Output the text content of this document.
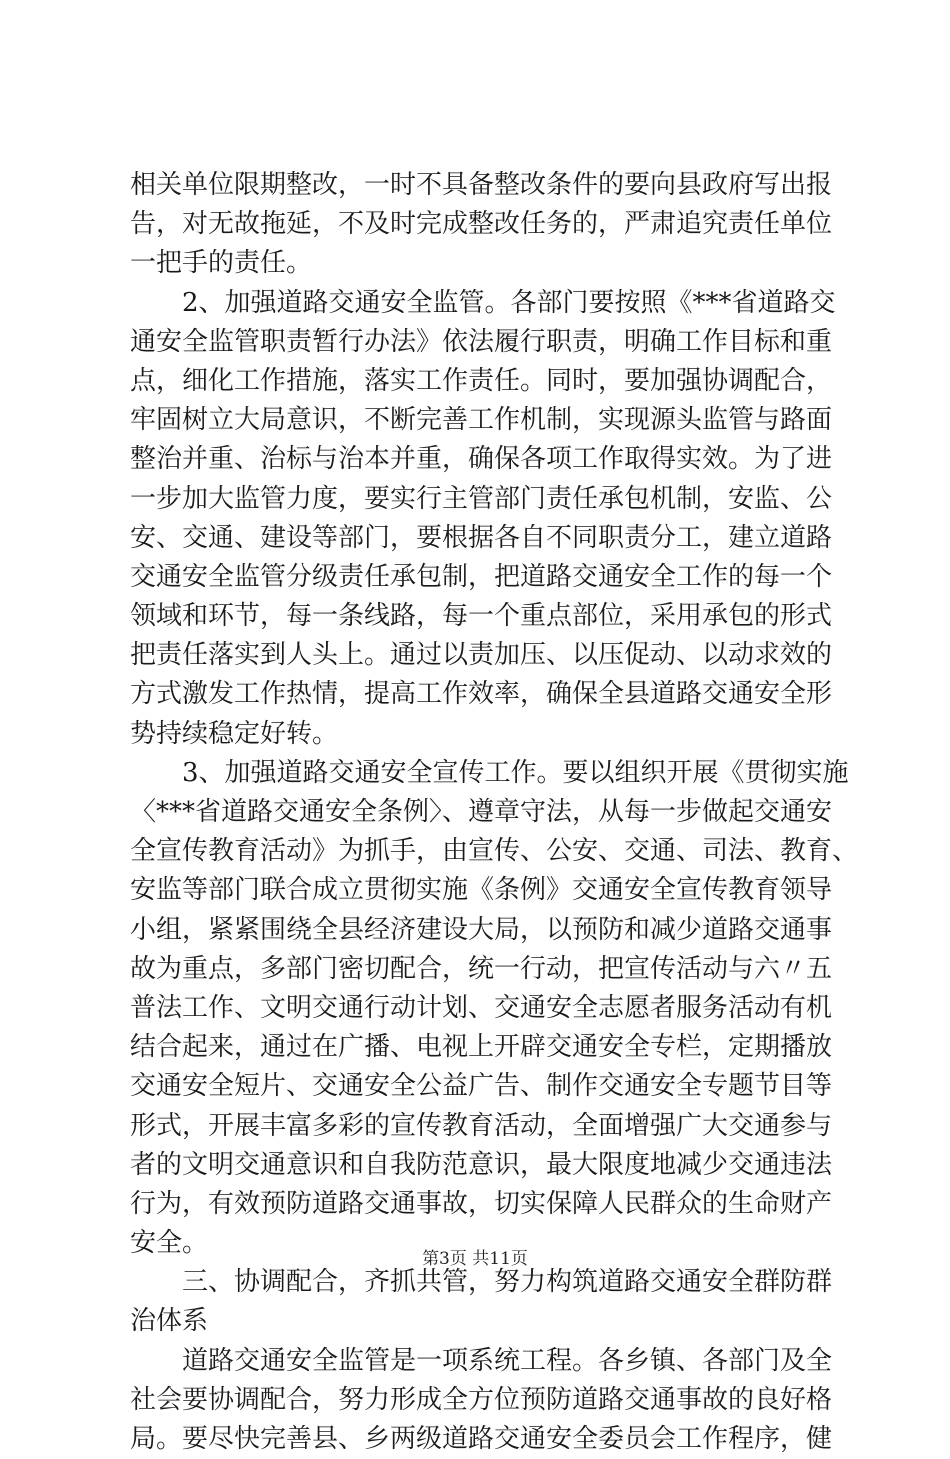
相关单位限期整改，一时不具备整改条件的要向县政府写出报
告，对无故拖延，不及时完成整改任务的，严肃追究责任单位
一把手的责任。
2、加强道路交通安全监管。各部门要按照《***省道路交
通安全监管职责暂行办法》依法履行职责，明确工作目标和重
点，细化工作措施，落实工作责任。同时，要加强协调配合，
牢固树立大局意识，不断完善工作机制，实现源头监管与路面
整治并重、治标与治本并重，确保各项工作取得实效。为了进
一步加大监管力度，要实行主管部门责任承包机制，安监、公
安、交通、建设等部门，要根据各自不同职责分工，建立道路
交通安全监管分级责任承包制，把道路交通安全工作的每一个
领域和环节，每一条线路，每一个重点部位，采用承包的形式
把责任落实到人头上。通过以责加压、以压促动、以动求效的
方式激发工作热情，提高工作效率，确保全县道路交通安全形
势持续稳定好转。
3、加强道路交通安全宣传工作。要以组织开展《贯彻实施
〈***省道路交通安全条例〉、遵章守法，从每一步做起交通安
全宣传教育活动》为抓手，由宣传、公安、交通、司法、教育、
安监等部门联合成立贯彻实施《条例》交通安全宣传教育领导
小组，紧紧围绕全县经济建设大局，以预防和减少道路交通事
故为重点，多部门密切配合，统一行动，把宣传活动与六〃五
普法工作、文明交通行动计划、交通安全志愿者服务活动有机
结合起来，通过在广播、电视上开辟交通安全专栏，定期播放
交通安全短片、交通安全公益广告、制作交通安全专题节目等
形式，开展丰富多彩的宣传教育活动，全面增强广大交通参与
者的文明交通意识和自我防范意识，最大限度地减少交通违法
行为，有效预防道路交通事故，切实保障人民群众的生命财产
安全。
三、协调配合，齐抓共管，努力构筑道路交通安全群防群
治体系
道路交通安全监管是一项系统工程。各乡镇、各部门及全
社会要协调配合，努力形成全方位预防道路交通事故的良好格
局。要尽快完善县、乡两级道路交通安全委员会工作程序，健
第3页 共11页
